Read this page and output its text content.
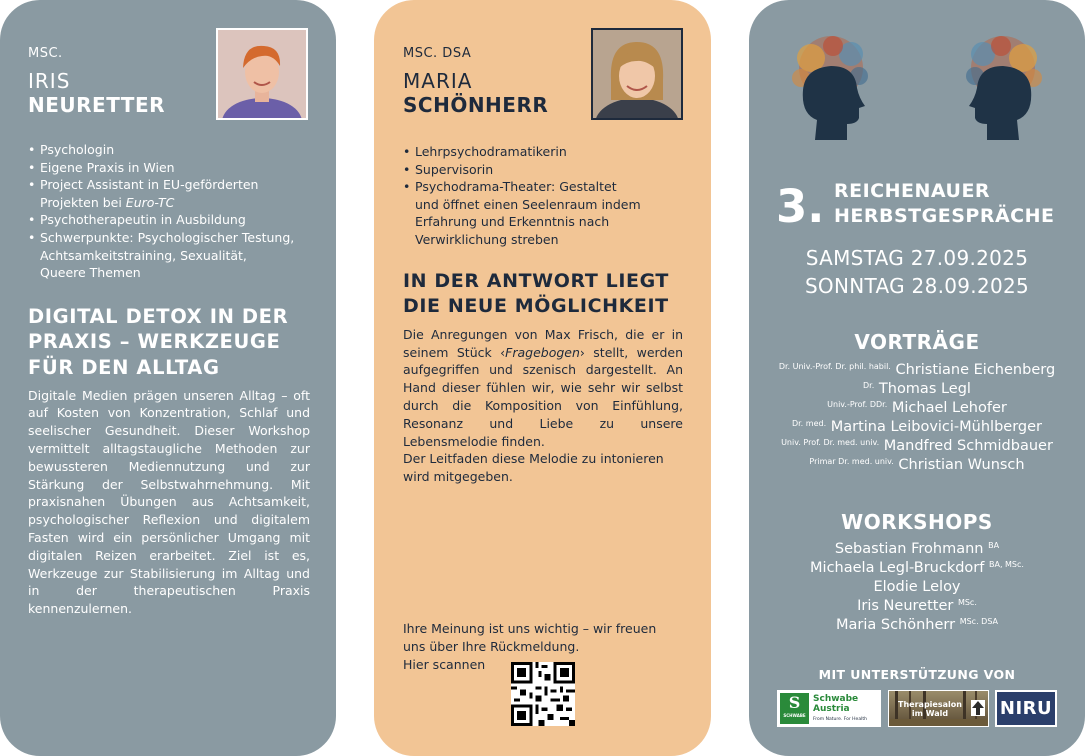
MSC.

IRIS

NEURETTER

• Psychologin
• Eigene Praxis in Wien
• Project Assistant in EU-geförderten
Projekten bei Euro-TC
• Psychotherapeutin in Ausbildung
• Schwerpunkte: Psychologischer Testung,
Achtsamkeitstraining, Sexualität,
Queere Themen

DIGITAL DETOX IN DER
PRAXIS – WERKZEUGE
FÜR DEN ALLTAG

Digitale Medien prägen unseren Alltag – oft auf Kosten von Konzentration, Schlaf und seelischer Gesundheit. Dieser Workshop vermittelt alltagstaugliche Methoden zur bewussteren Mediennutzung und zur Stärkung der Selbstwahrnehmung. Mit praxisnahen Übungen aus Achtsamkeit, psychologischer Reflexion und digitalem Fasten wird ein persönlicher Umgang mit digitalen Reizen erarbeitet. Ziel ist es, Werkzeuge zur Stabilisierung im Alltag und in der therapeutischen Praxis kennenzulernen.

MSC. DSA

MARIA

SCHÖNHERR

• Lehrpsychodramatikerin
• Supervisorin
• Psychodrama-Theater: Gestaltet
und öffnet einen Seelenraum indem
Erfahrung und Erkenntnis nach
Verwirklichung streben

IN DER ANTWORT LIEGT
DIE NEUE MÖGLICHKEIT

Die Anregungen von Max Frisch, die er in seinem Stück ‹Fragebogen› stellt, werden aufgegriffen und szenisch dargestellt. An Hand dieser fühlen wir, wie sehr wir selbst durch die Komposition von Einfühlung, Resonanz und Liebe zu unsere Lebensmelodie finden.

Der Leitfaden diese Melodie zu intonieren wird mitgegeben.

Ihre Meinung ist uns wichtig – wir freuen
uns über Ihre Rückmeldung.
Hier scannen
3. REICHENAUER
HERBSTGESPRÄCHE
SAMSTAG 27.09.2025
SONNTAG 28.09.2025
VORTRÄGE
$^{Dr. Univ.-Prof. Dr. phil. habil.}$ Christiane Eichenberg
$^{Dr.}$ Thomas Legl
$^{Univ.-Prof. DDr.}$ Michael Lehofer
$^{Dr. med.}$ Martina Leibovici-Mühlberger
$^{Univ. Prof. Dr. med. univ.}$ Mandfred Schmidbauer
$^{Primar Dr. med. univ.}$ Christian Wunsch
WORKSHOPS
Sebastian Frohmann $^{BA}$
Michaela Legl-Bruckdorf $^{BA, MSc.}$
Elodie Leloy
Iris Neuretter $^{MSc.}$
Maria Schönherr $^{MSc. DSA}$
MIT UNTERSTÜTZUNG VON
S
SCHWABE
Schwabe
Austria
From Nature. For Health
Therapiesalon
im Wald	NIRU
